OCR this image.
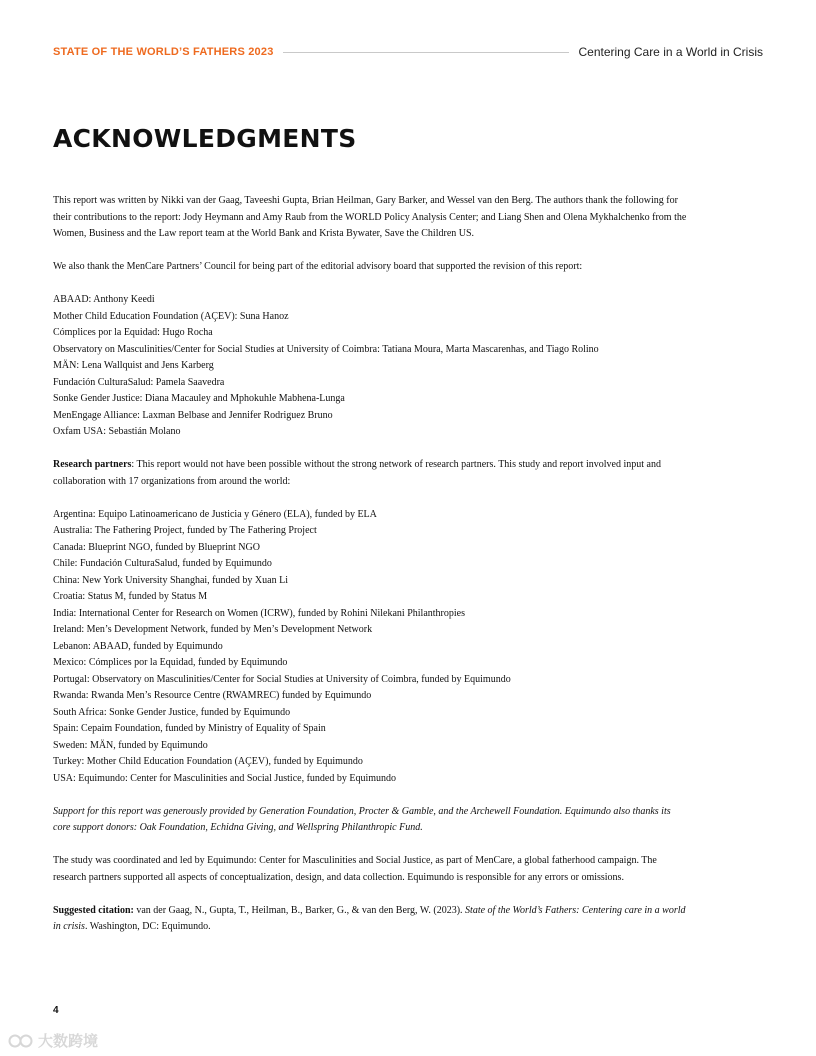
STATE OF THE WORLD’S FATHERS 2023	Centering Care in a World in Crisis
ACKNOWLEDGMENTS

This report was written by Nikki van der Gaag, Taveeshi Gupta, Brian Heilman, Gary Barker, and Wessel van den Berg. The authors thank the following for their contributions to the report: Jody Heymann and Amy Raub from the WORLD Policy Analysis Center; and Liang Shen and Olena Mykhalchenko from the Women, Business and the Law report team at the World Bank and Krista Bywater, Save the Children US.

We also thank the MenCare Partners’ Council for being part of the editorial advisory board that supported the revision of this report:

ABAAD: Anthony Keedi
Mother Child Education Foundation (AÇEV): Suna Hanoz
Cómplices por la Equidad: Hugo Rocha
Observatory on Masculinities/Center for Social Studies at University of Coimbra: Tatiana Moura, Marta Mascarenhas, and Tiago Rolino
MÄN: Lena Wallquist and Jens Karberg
Fundación CulturaSalud: Pamela Saavedra
Sonke Gender Justice: Diana Macauley and Mphokuhle Mabhena-Lunga
MenEngage Alliance: Laxman Belbase and Jennifer Rodriguez Bruno
Oxfam USA: Sebastián Molano

Research partners: This report would not have been possible without the strong network of research partners. This study and report involved input and collaboration with 17 organizations from around the world:

Argentina: Equipo Latinoamericano de Justicia y Género (ELA), funded by ELA
Australia: The Fathering Project, funded by The Fathering Project
Canada: Blueprint NGO, funded by Blueprint NGO
Chile: Fundación CulturaSalud, funded by Equimundo
China: New York University Shanghai, funded by Xuan Li
Croatia: Status M, funded by Status M
India: International Center for Research on Women (ICRW), funded by Rohini Nilekani Philanthropies
Ireland: Men’s Development Network, funded by Men’s Development Network
Lebanon: ABAAD, funded by Equimundo
Mexico: Cómplices por la Equidad, funded by Equimundo
Portugal: Observatory on Masculinities/Center for Social Studies at University of Coimbra, funded by Equimundo
Rwanda: Rwanda Men’s Resource Centre (RWAMREC) funded by Equimundo
South Africa: Sonke Gender Justice, funded by Equimundo
Spain: Cepaim Foundation, funded by Ministry of Equality of Spain
Sweden: MÄN, funded by Equimundo
Turkey: Mother Child Education Foundation (AÇEV), funded by Equimundo
USA: Equimundo: Center for Masculinities and Social Justice, funded by Equimundo

Support for this report was generously provided by Generation Foundation, Procter & Gamble, and the Archewell Foundation. Equimundo also thanks its core support donors: Oak Foundation, Echidna Giving, and Wellspring Philanthropic Fund.

The study was coordinated and led by Equimundo: Center for Masculinities and Social Justice, as part of MenCare, a global fatherhood campaign. The research partners supported all aspects of conceptualization, design, and data collection. Equimundo is responsible for any errors or omissions.

Suggested citation: van der Gaag, N., Gupta, T., Heilman, B., Barker, G., & van den Berg, W. (2023). State of the World’s Fathers: Centering care in a world in crisis. Washington, DC: Equimundo.

4
大数跨境
